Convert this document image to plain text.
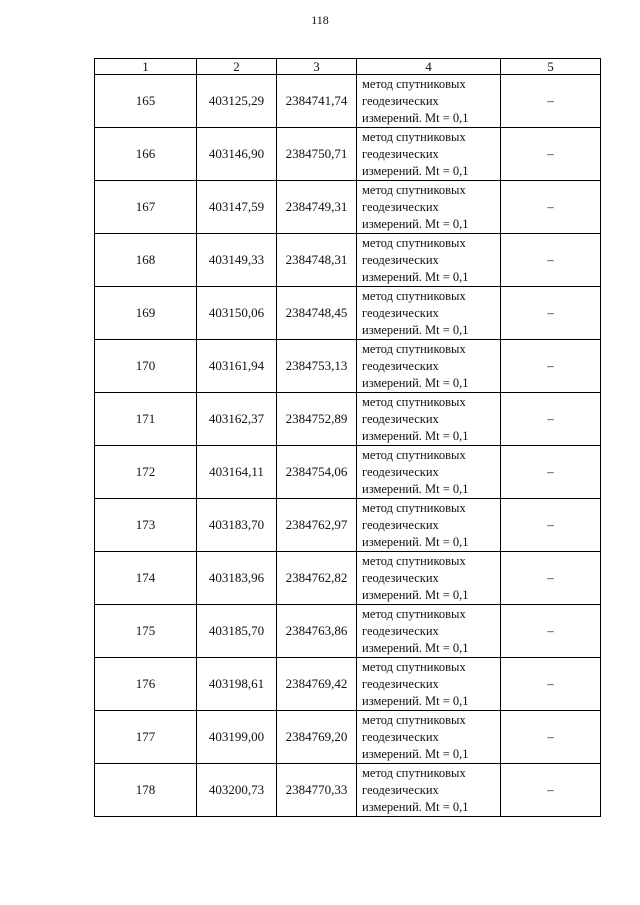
118
1	2	3	4	5
165	403125,29	2384741,74	метод спутниковых
геодезических
измерений. Mt = 0,1	–
166	403146,90	2384750,71	метод спутниковых
геодезических
измерений. Mt = 0,1	–
167	403147,59	2384749,31	метод спутниковых
геодезических
измерений. Mt = 0,1	–
168	403149,33	2384748,31	метод спутниковых
геодезических
измерений. Mt = 0,1	–
169	403150,06	2384748,45	метод спутниковых
геодезических
измерений. Mt = 0,1	–
170	403161,94	2384753,13	метод спутниковых
геодезических
измерений. Mt = 0,1	–
171	403162,37	2384752,89	метод спутниковых
геодезических
измерений. Mt = 0,1	–
172	403164,11	2384754,06	метод спутниковых
геодезических
измерений. Mt = 0,1	–
173	403183,70	2384762,97	метод спутниковых
геодезических
измерений. Mt = 0,1	–
174	403183,96	2384762,82	метод спутниковых
геодезических
измерений. Mt = 0,1	–
175	403185,70	2384763,86	метод спутниковых
геодезических
измерений. Mt = 0,1	–
176	403198,61	2384769,42	метод спутниковых
геодезических
измерений. Mt = 0,1	–
177	403199,00	2384769,20	метод спутниковых
геодезических
измерений. Mt = 0,1	–
178	403200,73	2384770,33	метод спутниковых
геодезических
измерений. Mt = 0,1	–
